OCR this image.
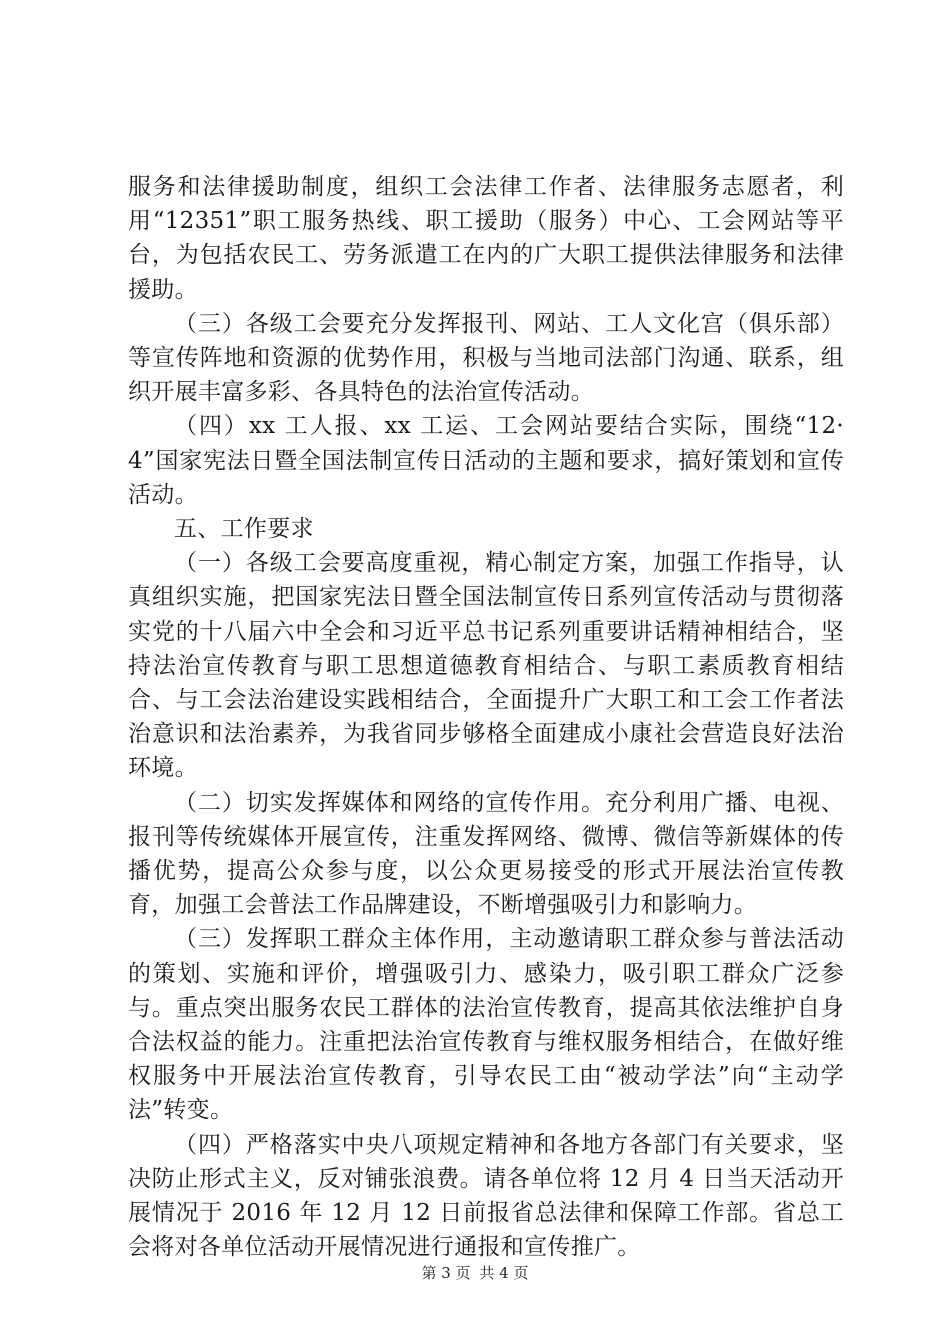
服务和法律援助制度，组织工会法律工作者、法律服务志愿者，利用“12351”职工服务热线、职工援助（服务）中心、工会网站等平台，为包括农民工、劳务派遣工在内的广大职工提供法律服务和法律援助。

（三）各级工会要充分发挥报刊、网站、工人文化宫（俱乐部）等宣传阵地和资源的优势作用，积极与当地司法部门沟通、联系，组织开展丰富多彩、各具特色的法治宣传活动。

（四）xx 工人报、xx 工运、工会网站要结合实际，围绕“12·4”国家宪法日暨全国法制宣传日活动的主题和要求，搞好策划和宣传活动。

五、工作要求

（一）各级工会要高度重视，精心制定方案，加强工作指导，认真组织实施，把国家宪法日暨全国法制宣传日系列宣传活动与贯彻落实党的十八届六中全会和习近平总书记系列重要讲话精神相结合，坚持法治宣传教育与职工思想道德教育相结合、与职工素质教育相结合、与工会法治建设实践相结合，全面提升广大职工和工会工作者法治意识和法治素养，为我省同步够格全面建成小康社会营造良好法治环境。

（二）切实发挥媒体和网络的宣传作用。充分利用广播、电视、报刊等传统媒体开展宣传，注重发挥网络、微博、微信等新媒体的传播优势，提高公众参与度，以公众更易接受的形式开展法治宣传教育，加强工会普法工作品牌建设，不断增强吸引力和影响力。

（三）发挥职工群众主体作用，主动邀请职工群众参与普法活动的策划、实施和评价，增强吸引力、感染力，吸引职工群众广泛参与。重点突出服务农民工群体的法治宣传教育，提高其依法维护自身合法权益的能力。注重把法治宣传教育与维权服务相结合，在做好维权服务中开展法治宣传教育，引导农民工由“被动学法”向“主动学法”转变。

（四）严格落实中央八项规定精神和各地方各部门有关要求，坚决防止形式主义，反对铺张浪费。请各单位将 12 月 4 日当天活动开展情况于 2016 年 12 月 12 日前报省总法律和保障工作部。省总工会将对各单位活动开展情况进行通报和宣传推广。

第 3 页 共 4 页
